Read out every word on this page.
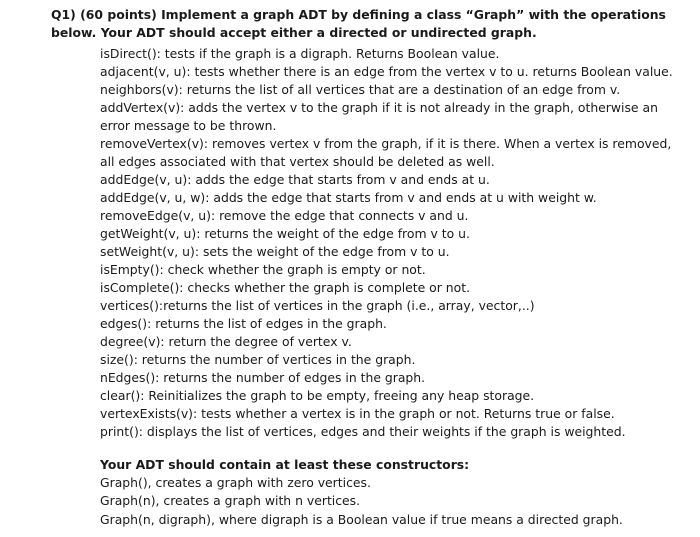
Q1) (60 points) Implement a graph ADT by defining a class “Graph” with the operations below. Your ADT should accept either a directed or undirected graph.

isDirect(): tests if the graph is a digraph. Returns Boolean value.

adjacent(v, u): tests whether there is an edge from the vertex v to u. returns Boolean value.

neighbors(v): returns the list of all vertices that are a destination of an edge from v.

addVertex(v): adds the vertex v to the graph if it is not already in the graph, otherwise an error message to be thrown.

removeVertex(v): removes vertex v from the graph, if it is there. When a vertex is removed, all edges associated with that vertex should be deleted as well.

addEdge(v, u): adds the edge that starts from v and ends at u.

addEdge(v, u, w): adds the edge that starts from v and ends at u with weight w.

removeEdge(v, u): remove the edge that connects v and u.

getWeight(v, u): returns the weight of the edge from v to u.

setWeight(v, u): sets the weight of the edge from v to u.

isEmpty(): check whether the graph is empty or not.

isComplete(): checks whether the graph is complete or not.

vertices():returns the list of vertices in the graph (i.e., array, vector,..)

edges(): returns the list of edges in the graph.

degree(v): return the degree of vertex v.

size(): returns the number of vertices in the graph.

nEdges(): returns the number of edges in the graph.

clear(): Reinitializes the graph to be empty, freeing any heap storage.

vertexExists(v): tests whether a vertex is in the graph or not. Returns true or false.

print(): displays the list of vertices, edges and their weights if the graph is weighted.

Your ADT should contain at least these constructors:

Graph(), creates a graph with zero vertices.

Graph(n), creates a graph with n vertices.

Graph(n, digraph), where digraph is a Boolean value if true means a directed graph.
